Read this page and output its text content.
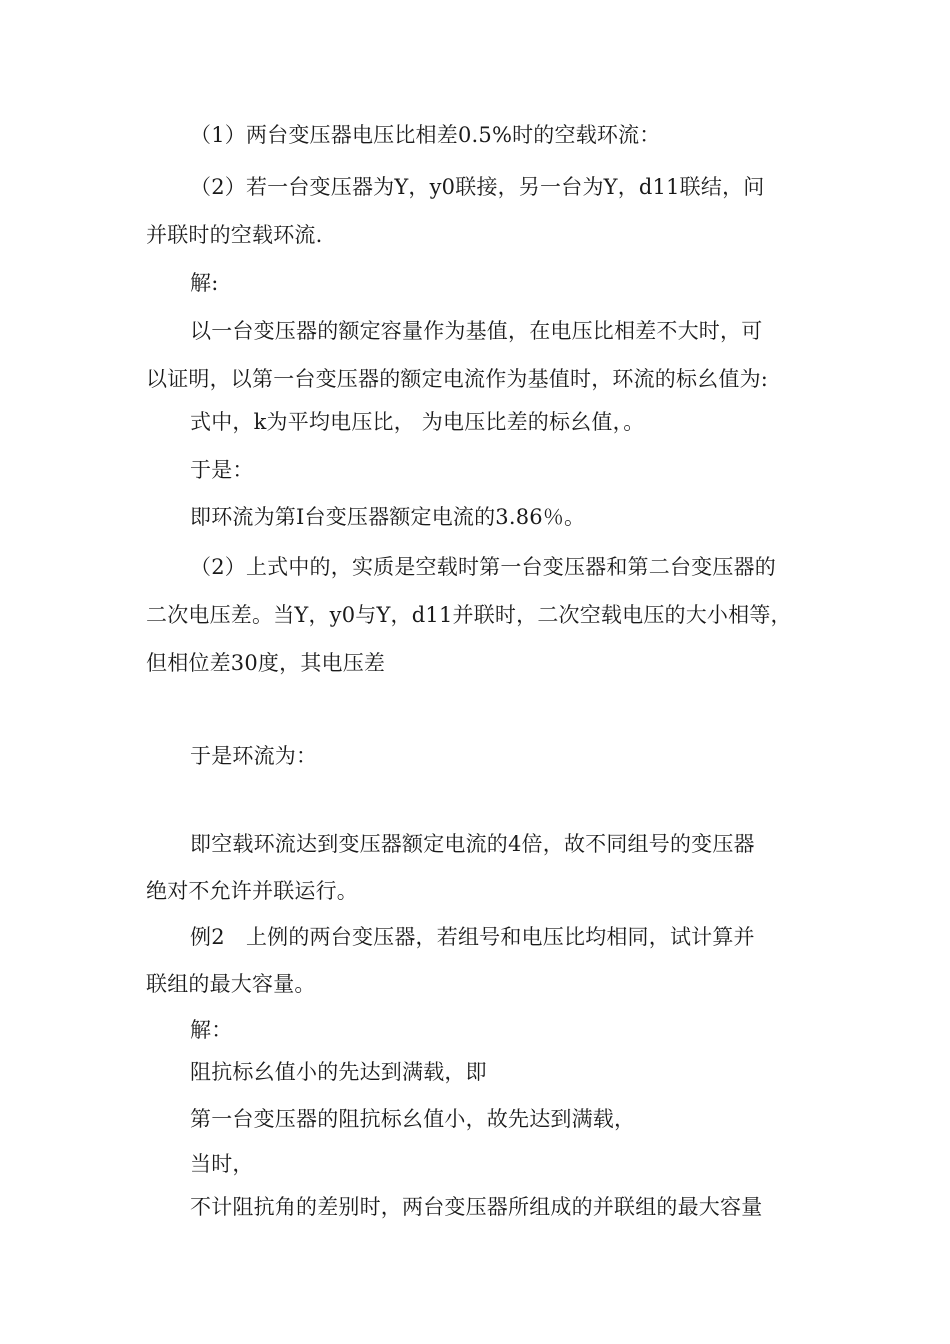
（1）两台变压器电压比相差0.5%时的空载环流：
（2）若一台变压器为Y，y0联接，另一台为Y，d11联结，问
并联时的空载环流.
解:
以一台变压器的额定容量作为基值，在电压比相差不大时，可
以证明，以第一台变压器的额定电流作为基值时，环流的标幺值为:
式中，k为平均电压比， 为电压比差的标幺值，。
于是：
即环流为第I台变压器额定电流的3.86％。
（2）上式中的，实质是空载时第一台变压器和第二台变压器的
二次电压差。当Y，y0与Y，d11并联时，二次空载电压的大小相等，
但相位差30度，其电压差
于是环流为：
即空载环流达到变压器额定电流的4倍，故不同组号的变压器
绝对不允许并联运行。
例2　上例的两台变压器，若组号和电压比均相同，试计算并
联组的最大容量。
解：
阻抗标幺值小的先达到满载，即
第一台变压器的阻抗标幺值小，故先达到满载，
当时，
不计阻抗角的差别时，两台变压器所组成的并联组的最大容量
